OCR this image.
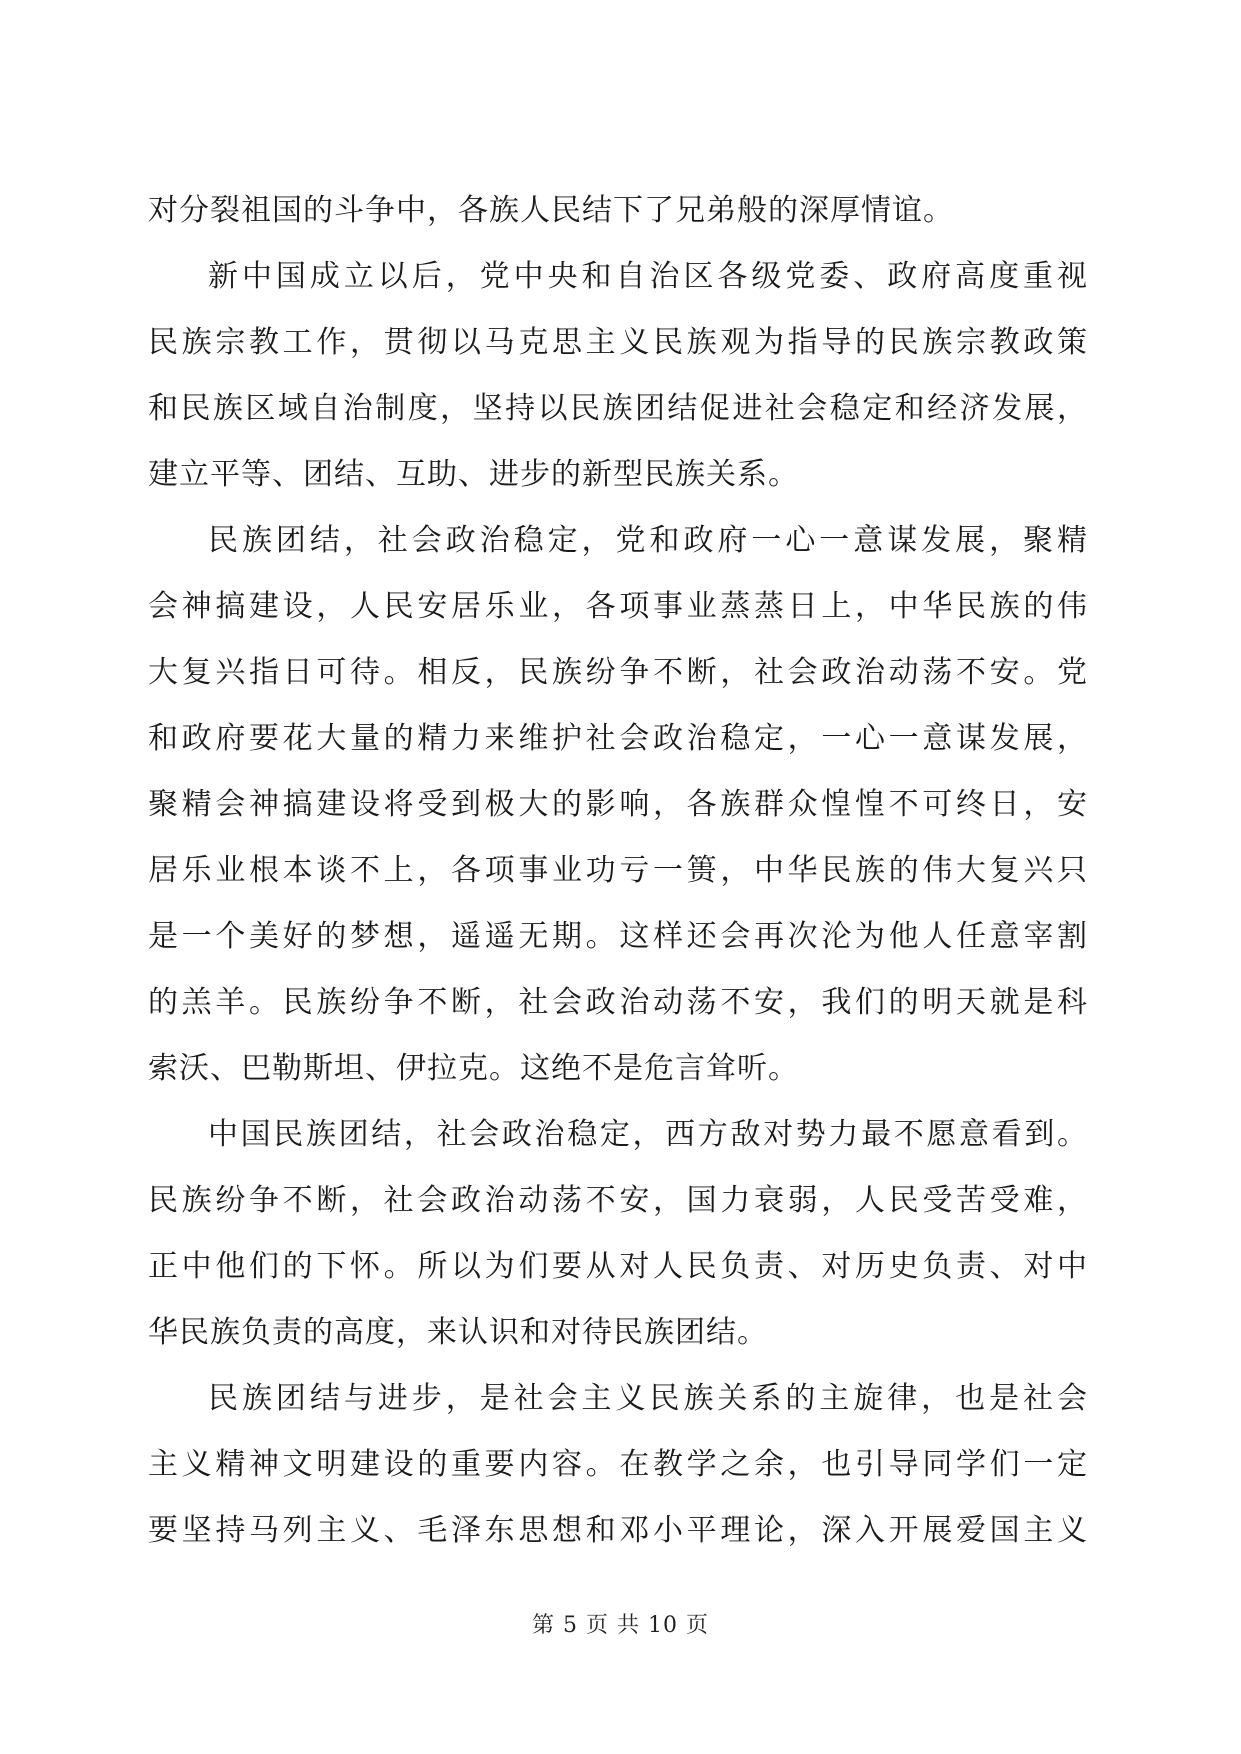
对分裂祖国的斗争中，各族人民结下了兄弟般的深厚情谊。
新中国成立以后，党中央和自治区各级党委、政府高度重视
民族宗教工作，贯彻以马克思主义民族观为指导的民族宗教政策
和民族区域自治制度，坚持以民族团结促进社会稳定和经济发展，
建立平等、团结、互助、进步的新型民族关系。
民族团结，社会政治稳定，党和政府一心一意谋发展，聚精
会神搞建设，人民安居乐业，各项事业蒸蒸日上，中华民族的伟
大复兴指日可待。相反，民族纷争不断，社会政治动荡不安。党
和政府要花大量的精力来维护社会政治稳定，一心一意谋发展，
聚精会神搞建设将受到极大的影响，各族群众惶惶不可终日，安
居乐业根本谈不上，各项事业功亏一篑，中华民族的伟大复兴只
是一个美好的梦想，遥遥无期。这样还会再次沦为他人任意宰割
的羔羊。民族纷争不断，社会政治动荡不安，我们的明天就是科
索沃、巴勒斯坦、伊拉克。这绝不是危言耸听。
中国民族团结，社会政治稳定，西方敌对势力最不愿意看到。
民族纷争不断，社会政治动荡不安，国力衰弱，人民受苦受难，
正中他们的下怀。所以为们要从对人民负责、对历史负责、对中
华民族负责的高度，来认识和对待民族团结。
民族团结与进步，是社会主义民族关系的主旋律，也是社会
主义精神文明建设的重要内容。在教学之余，也引导同学们一定
要坚持马列主义、毛泽东思想和邓小平理论，深入开展爱国主义
第 5 页 共 10 页
